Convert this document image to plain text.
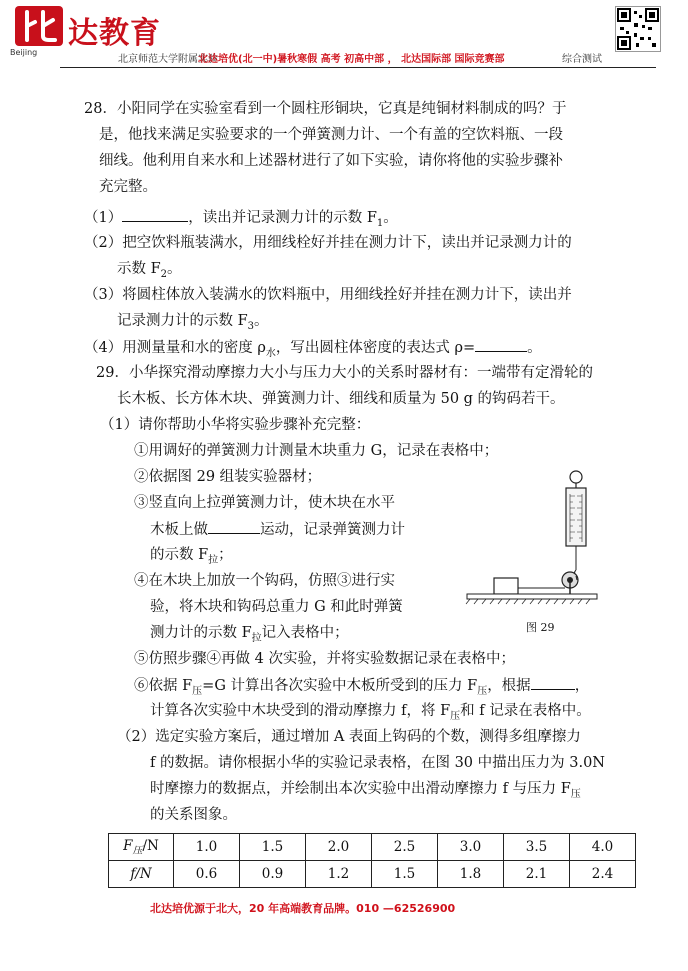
达教育
Beijing
北京师范大学附属实验
北达培优(北一中)暑秋寒假 高考 初高中部 ， 北达国际部 国际竞赛部	综合测试
28．小阳同学在实验室看到一个圆柱形铜块，它真是纯铜材料制成的吗？于
是，他找来满足实验要求的一个弹簧测力计、一个有盖的空饮料瓶、一段
细线。他利用自来水和上述器材进行了如下实验，请你将他的实验步骤补
充完整。
（1）	，读出并记录测力计的示数 $F_1$。
（2）把空饮料瓶装满水，用细线栓好并挂在测力计下，读出并记录测力计的
示数 $F_2$。
（3）将圆柱体放入装满水的饮料瓶中，用细线拴好并挂在测力计下，读出并
记录测力计的示数 $F_3$。
（4）用测量量和水的密度 $\rho_水$，写出圆柱体密度的表达式 ρ=	。
29．小华探究滑动摩擦力大小与压力大小的关系时器材有：一端带有定滑轮的
长木板、长方体木块、弹簧测力计、细线和质量为 50 g 的钩码若干。
（1）请你帮助小华将实验步骤补充完整：
①用调好的弹簧测力计测量木块重力 G，记录在表格中；
②依据图 29 组装实验器材；
③竖直向上拉弹簧测力计，使木块在水平
木板上做	运动，记录弹簧测力计
的示数 $F_拉$；
④在木块上加放一个钩码，仿照③进行实
验，将木块和钩码总重力 G 和此时弹簧
测力计的示数 $F_拉$记入表格中；
⑤仿照步骤④再做 4 次实验，并将实验数据记录在表格中；
⑥依据 $F_压=G$ 计算出各次实验中木板所受到的压力 $F_压$，根据	，
计算各次实验中木块受到的滑动摩擦力 f，将 $F_压$和 f 记录在表格中。
（2）选定实验方案后，通过增加 A 表面上钩码的个数，测得多组摩擦力
f 的数据。请你根据小华的实验记录表格，在图 30 中描出压力为 3.0N
时摩擦力的数据点，并绘制出本次实验中出滑动摩擦力 f 与压力 $F_压$
的关系图象。
图 29
$F_压/N$	1.0	1.5	2.0	2.5	3.0	3.5	4.0
f/N	0.6	0.9	1.2	1.5	1.8	2.1	2.4
北达培优源于北大，20 年高端教育品牌。010 —62526900
